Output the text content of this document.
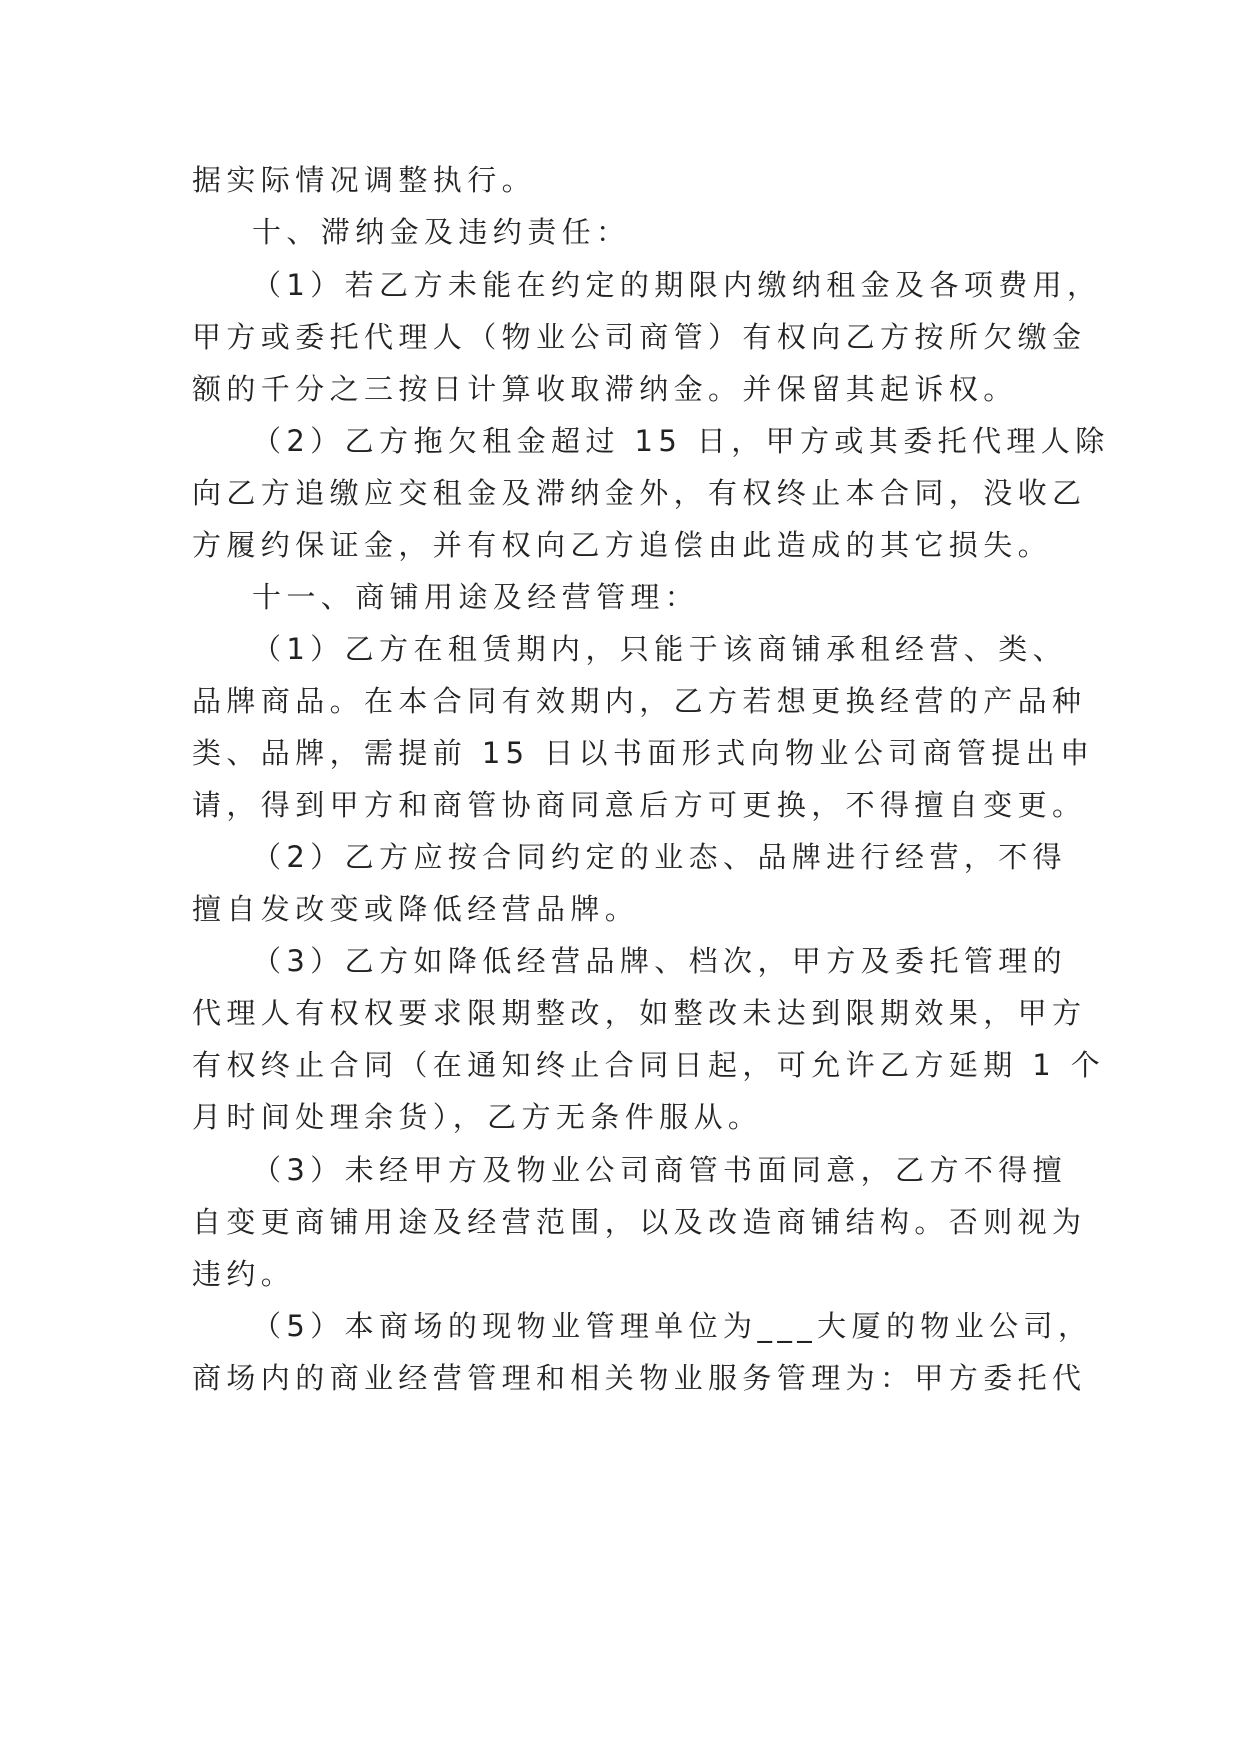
据实际情况调整执行。
十、滞纳金及违约责任：
（1）若乙方未能在约定的期限内缴纳租金及各项费用，
甲方或委托代理人（物业公司商管）有权向乙方按所欠缴金
额的千分之三按日计算收取滞纳金。并保留其起诉权。
（2）乙方拖欠租金超过 15 日，甲方或其委托代理人除
向乙方追缴应交租金及滞纳金外，有权终止本合同，没收乙
方履约保证金，并有权向乙方追偿由此造成的其它损失。
十一、商铺用途及经营管理：
（1）乙方在租赁期内，只能于该商铺承租经营、类、
品牌商品。在本合同有效期内，乙方若想更换经营的产品种
类、品牌，需提前 15 日以书面形式向物业公司商管提出申
请，得到甲方和商管协商同意后方可更换，不得擅自变更。
（2）乙方应按合同约定的业态、品牌进行经营，不得
擅自发改变或降低经营品牌。
（3）乙方如降低经营品牌、档次，甲方及委托管理的
代理人有权权要求限期整改，如整改未达到限期效果，甲方
有权终止合同（在通知终止合同日起，可允许乙方延期 1 个
月时间处理余货），乙方无条件服从。
（3）未经甲方及物业公司商管书面同意，乙方不得擅
自变更商铺用途及经营范围，以及改造商铺结构。否则视为
违约。
（5）本商场的现物业管理单位为___大厦的物业公司，
商场内的商业经营管理和相关物业服务管理为：甲方委托代
